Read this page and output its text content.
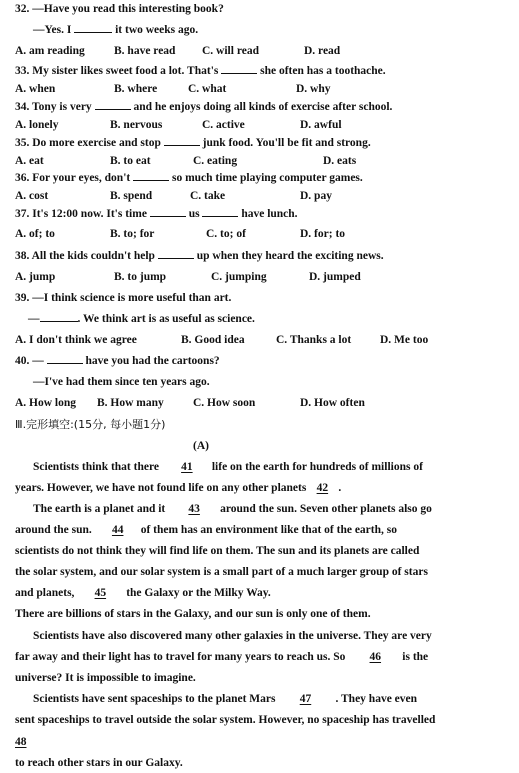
32. —Have you read this interesting book?
—Yes. I	it two weeks ago.
A. am reading	B. have read C. will read	D. read
33. My sister likes sweet food a lot. That's	she often has a toothache.
A. when	B. where	C. what	D. why
34. Tony is very	and he enjoys doing all kinds of exercise after school.
A. lonely	B. nervous	C. active	D. awful
35. Do more exercise and stop	junk food. You'll be fit and strong.
A. eat	B. to eat	C. eating	D. eats
36. For your eyes, don't	so much time playing computer games.
A. cost	B. spend	C. take	D. pay
37. It's 12:00 now. It's time	us	have lunch.
A. of; to	B. to; for	C. to; of	D. for; to
38. All the kids couldn't help	up when they heard the exciting news.
A. jump	B. to jump	C. jumping	D. jumped
39. —I think science is more useful than art.
—	. We think art is as useful as science.
A. I don't think we agree	B. Good idea	C. Thanks a lot	D. Me too
40. —	have you had the cartoons?
—I've had them since ten years ago.
A. How long B. How many	C. How soon	D. How often
Ⅲ.完形填空:(15分, 每小题1分)
(A)
Scientists think that there 41 life on the earth for hundreds of millions of
years. However, we have not found life on any other planets 42 .
The earth is a planet and it 43 around the sun. Seven other planets also go
around the sun. 44 of them has an environment like that of the earth, so
scientists do not think they will find life on them. The sun and its planets are called
the solar system, and our solar system is a small part of a much larger group of stars
and planets, 45 the Galaxy or the Milky Way.
There are billions of stars in the Galaxy, and our sun is only one of them.
Scientists have also discovered many other galaxies in the universe. They are very
far away and their light has to travel for many years to reach us. So 46 is the
universe? It is impossible to imagine.
Scientists have sent spaceships to the planet Mars 47 . They have even
sent spaceships to travel outside the solar system. However, no spaceship has travelled
48
to reach other stars in our Galaxy.
